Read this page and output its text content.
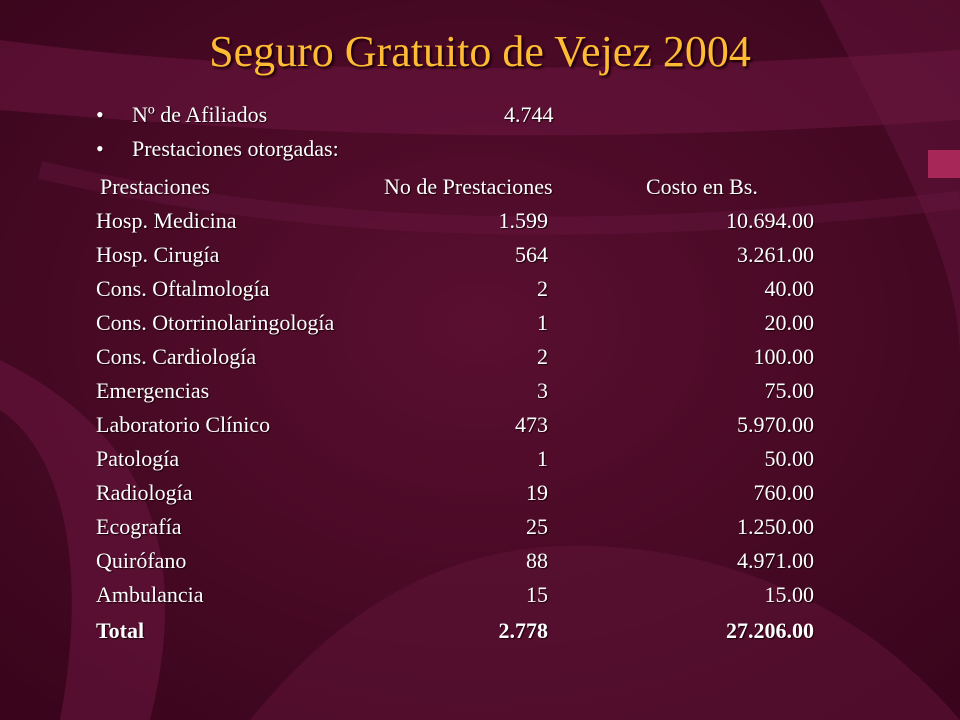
Seguro Gratuito de Vejez 2004
• Nº de Afiliados	4.744
• Prestaciones otorgadas:
Prestaciones	No de Prestaciones	Costo en Bs.
Hosp. Medicina	1.599	10.694.00
Hosp. Cirugía	564	3.261.00
Cons. Oftalmología	2	40.00
Cons. Otorrinolaringología	1	20.00
Cons. Cardiología	2	100.00
Emergencias	3	75.00
Laboratorio Clínico	473	5.970.00
Patología	1	50.00
Radiología	19	760.00
Ecografía	25	1.250.00
Quirófano	88	4.971.00
Ambulancia	15	15.00
Total	2.778	27.206.00
